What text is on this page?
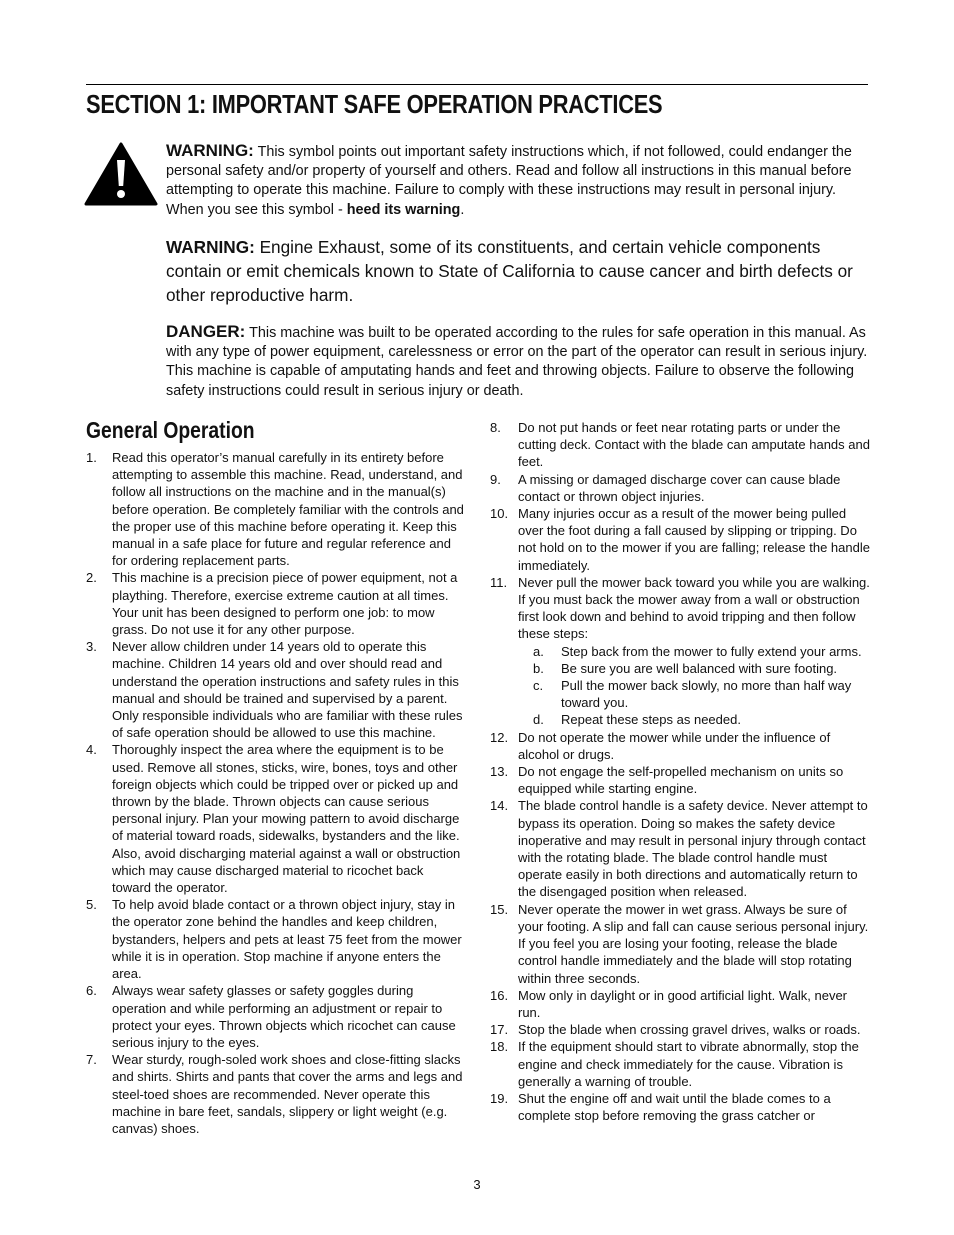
SECTION 1: IMPORTANT SAFE OPERATION PRACTICES

WARNING: This symbol points out important safety instructions which, if not followed, could endanger the personal safety and/or property of yourself and others. Read and follow all instructions in this manual before attempting to operate this machine. Failure to comply with these instructions may result in personal injury. When you see this symbol - heed its warning.

WARNING: Engine Exhaust, some of its constituents, and certain vehicle components contain or emit chemicals known to State of California to cause cancer and birth defects or other reproductive harm.

DANGER: This machine was built to be operated according to the rules for safe operation in this manual. As with any type of power equipment, carelessness or error on the part of the operator can result in serious injury. This machine is capable of amputating hands and feet and throwing objects. Failure to observe the following safety instructions could result in serious injury or death.

General Operation
1. Read this operator’s manual carefully in its entirety before attempting to assemble this machine. Read, understand, and follow all instructions on the machine and in the manual(s) before operation. Be completely familiar with the controls and the proper use of this machine before operating it. Keep this manual in a safe place for future and regular reference and for ordering replacement parts.
2. This machine is a precision piece of power equipment, not a plaything. Therefore, exercise extreme caution at all times. Your unit has been designed to perform one job: to mow grass. Do not use it for any other purpose.
3. Never allow children under 14 years old to operate this machine. Children 14 years old and over should read and understand the operation instructions and safety rules in this manual and should be trained and supervised by a parent. Only responsible individuals who are familiar with these rules of safe operation should be allowed to use this machine.
4. Thoroughly inspect the area where the equipment is to be used. Remove all stones, sticks, wire, bones, toys and other foreign objects which could be tripped over or picked up and thrown by the blade. Thrown objects can cause serious personal injury. Plan your mowing pattern to avoid discharge of material toward roads, sidewalks, bystanders and the like. Also, avoid discharging material against a wall or obstruction which may cause discharged material to ricochet back toward the operator.
5. To help avoid blade contact or a thrown object injury, stay in the operator zone behind the handles and keep children, bystanders, helpers and pets at least 75 feet from the mower while it is in operation. Stop machine if anyone enters the area.
6. Always wear safety glasses or safety goggles during operation and while performing an adjustment or repair to protect your eyes. Thrown objects which ricochet can cause serious injury to the eyes.
7. Wear sturdy, rough-soled work shoes and close-fitting slacks and shirts. Shirts and pants that cover the arms and legs and steel-toed shoes are recommended. Never operate this machine in bare feet, sandals, slippery or light weight (e.g. canvas) shoes.
8. Do not put hands or feet near rotating parts or under the cutting deck. Contact with the blade can amputate hands and feet.
9. A missing or damaged discharge cover can cause blade contact or thrown object injuries.
10. Many injuries occur as a result of the mower being pulled over the foot during a fall caused by slipping or tripping. Do not hold on to the mower if you are falling; release the handle immediately.
11. Never pull the mower back toward you while you are walking. If you must back the mower away from a wall or obstruction first look down and behind to avoid tripping and then follow these steps:
a. Step back from the mower to fully extend your arms.
b. Be sure you are well balanced with sure footing.
c. Pull the mower back slowly, no more than half way toward you.
d. Repeat these steps as needed.
12. Do not operate the mower while under the influence of alcohol or drugs.
13. Do not engage the self-propelled mechanism on units so equipped while starting engine.
14. The blade control handle is a safety device. Never attempt to bypass its operation. Doing so makes the safety device inoperative and may result in personal injury through contact with the rotating blade. The blade control handle must operate easily in both directions and automatically return to the disengaged position when released.
15. Never operate the mower in wet grass. Always be sure of your footing. A slip and fall can cause serious personal injury. If you feel you are losing your footing, release the blade control handle immediately and the blade will stop rotating within three seconds.
16. Mow only in daylight or in good artificial light. Walk, never run.
17. Stop the blade when crossing gravel drives, walks or roads.
18. If the equipment should start to vibrate abnormally, stop the engine and check immediately for the cause. Vibration is generally a warning of trouble.
19. Shut the engine off and wait until the blade comes to a complete stop before removing the grass catcher or
3
